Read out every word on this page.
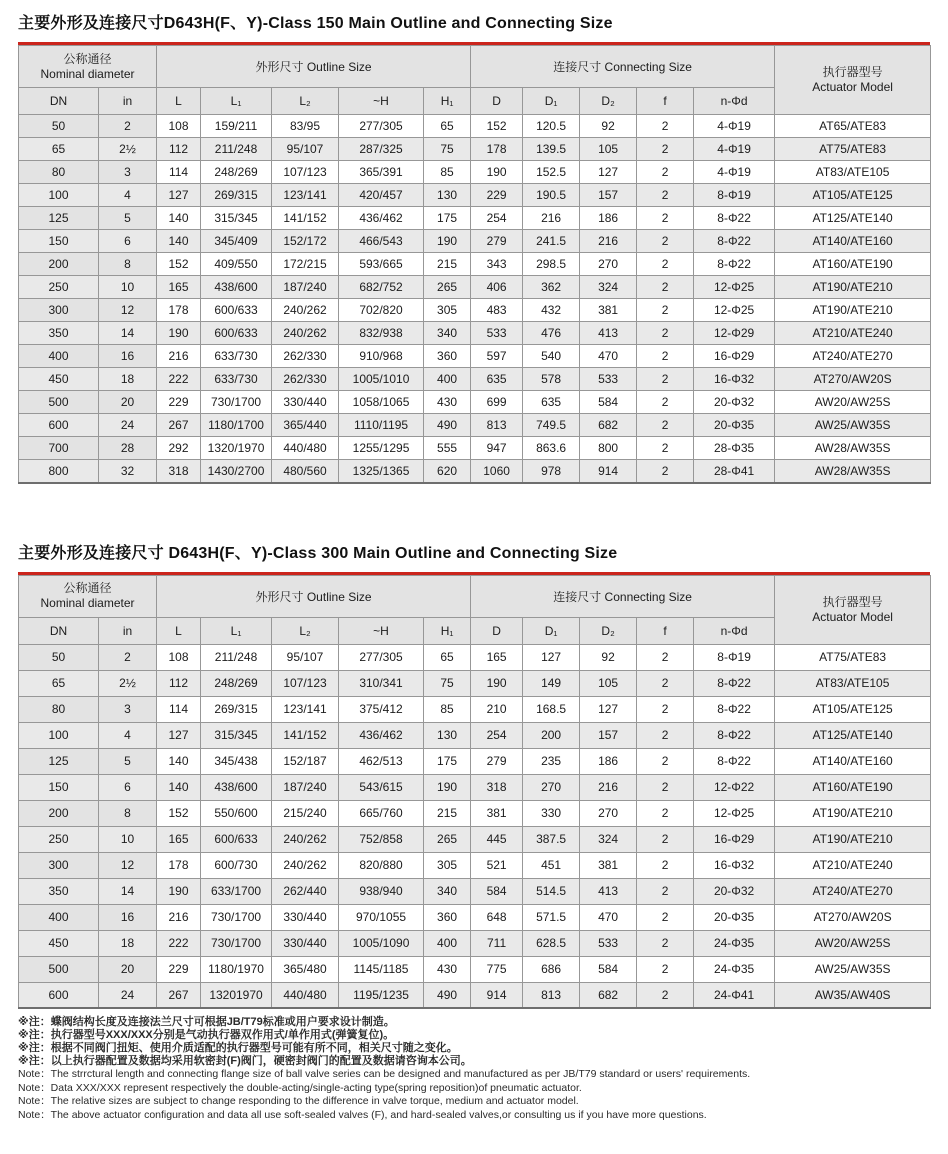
主要外形及连接尺寸D643H(F、Y)-Class 150 Main Outline and Connecting Size
公称通径
Nominal diameter	外形尺寸 Outline Size	连接尺寸 Connecting Size	执行器型号
Actuator Model

DN	in	L	L₁	L₂	~H	H₁	D	D₁	D₂	f	n-Φd	
50	2	108	159/211	83/95	277/305	65	152	120.5	92	2	4-Φ19	AT65/ATE83
65	2½	112	211/248	95/107	287/325	75	178	139.5	105	2	4-Φ19	AT75/ATE83
80	3	114	248/269	107/123	365/391	85	190	152.5	127	2	4-Φ19	AT83/ATE105
100	4	127	269/315	123/141	420/457	130	229	190.5	157	2	8-Φ19	AT105/ATE125
125	5	140	315/345	141/152	436/462	175	254	216	186	2	8-Φ22	AT125/ATE140
150	6	140	345/409	152/172	466/543	190	279	241.5	216	2	8-Φ22	AT140/ATE160
200	8	152	409/550	172/215	593/665	215	343	298.5	270	2	8-Φ22	AT160/ATE190
250	10	165	438/600	187/240	682/752	265	406	362	324	2	12-Φ25	AT190/ATE210
300	12	178	600/633	240/262	702/820	305	483	432	381	2	12-Φ25	AT190/ATE210
350	14	190	600/633	240/262	832/938	340	533	476	413	2	12-Φ29	AT210/ATE240
400	16	216	633/730	262/330	910/968	360	597	540	470	2	16-Φ29	AT240/ATE270
450	18	222	633/730	262/330	1005/1010	400	635	578	533	2	16-Φ32	AT270/AW20S
500	20	229	730/1700	330/440	1058/1065	430	699	635	584	2	20-Φ32	AW20/AW25S
600	24	267	1180/1700	365/440	1110/1195	490	813	749.5	682	2	20-Φ35	AW25/AW35S
700	28	292	1320/1970	440/480	1255/1295	555	947	863.6	800	2	28-Φ35	AW28/AW35S
800	32	318	1430/2700	480/560	1325/1365	620	1060	978	914	2	28-Φ41	AW28/AW35S
主要外形及连接尺寸 D643H(F、Y)-Class 300 Main Outline and Connecting Size
公称通径
Nominal diameter	外形尺寸 Outline Size	连接尺寸 Connecting Size	执行器型号
Actuator Model

DN	in	L	L₁	L₂	~H	H₁	D	D₁	D₂	f	n-Φd	
50	2	108	211/248	95/107	277/305	65	165	127	92	2	8-Φ19	AT75/ATE83
65	2½	112	248/269	107/123	310/341	75	190	149	105	2	8-Φ22	AT83/ATE105
80	3	114	269/315	123/141	375/412	85	210	168.5	127	2	8-Φ22	AT105/ATE125
100	4	127	315/345	141/152	436/462	130	254	200	157	2	8-Φ22	AT125/ATE140
125	5	140	345/438	152/187	462/513	175	279	235	186	2	8-Φ22	AT140/ATE160
150	6	140	438/600	187/240	543/615	190	318	270	216	2	12-Φ22	AT160/ATE190
200	8	152	550/600	215/240	665/760	215	381	330	270	2	12-Φ25	AT190/ATE210
250	10	165	600/633	240/262	752/858	265	445	387.5	324	2	16-Φ29	AT190/ATE210
300	12	178	600/730	240/262	820/880	305	521	451	381	2	16-Φ32	AT210/ATE240
350	14	190	633/1700	262/440	938/940	340	584	514.5	413	2	20-Φ32	AT240/ATE270
400	16	216	730/1700	330/440	970/1055	360	648	571.5	470	2	20-Φ35	AT270/AW20S
450	18	222	730/1700	330/440	1005/1090	400	711	628.5	533	2	24-Φ35	AW20/AW25S
500	20	229	1180/1970	365/480	1145/1185	430	775	686	584	2	24-Φ35	AW25/AW35S
600	24	267	13201970	440/480	1195/1235	490	914	813	682	2	24-Φ41	AW35/AW40S
※注：蝶阀结构长度及连接法兰尺寸可根据JB/T79标准或用户要求设计制造。
※注：执行器型号XXX/XXX分别是气动执行器双作用式/单作用式(弹簧复位)。
※注：根据不同阀门扭矩、使用介质适配的执行器型号可能有所不同，相关尺寸随之变化。
※注：以上执行器配置及数据均采用软密封(F)阀门，硬密封阀门的配置及数据请咨询本公司。
Note：The strrctural length and connecting flange size of ball valve series can be designed and manufactured as per JB/T79 standard or users' requirements.
Note：Data XXX/XXX represent respectively the double-acting/single-acting type(spring reposition)of pneumatic actuator.
Note：The relative sizes are subject to change responding to the difference in valve torque, medium and actuator model.
Note：The above actuator configuration and data all use soft-sealed valves (F), and hard-sealed valves,or consulting us if you have more questions.
